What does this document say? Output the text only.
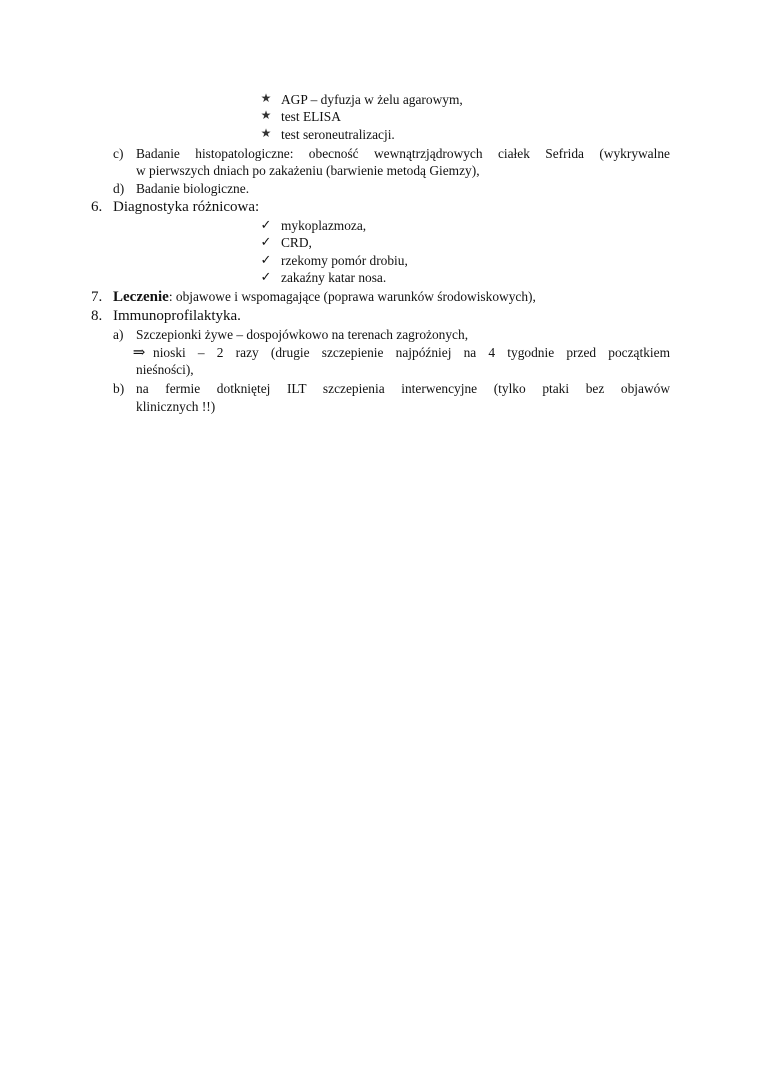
★ AGP – dyfuzja w żelu agarowym,
★ test ELISA
★ test seroneutralizacji.
c) Badanie histopatologiczne: obecność wewnątrzjądrowych ciałek Sefrida (wykrywalne
w pierwszych dniach po zakażeniu (barwienie metodą Giemzy),
d) Badanie biologiczne.
6. Diagnostyka różnicowa:
✓ mykoplazmoza,
✓ CRD,
✓ rzekomy pomór drobiu,
✓ zakaźny katar nosa.
7. Leczenie: objawowe i wspomagające (poprawa warunków środowiskowych),
8. Immunoprofilaktyka.
a) Szczepionki żywe – dospojówkowo na terenach zagrożonych,
⇒ nioski – 2 razy (drugie szczepienie najpóźniej na 4 tygodnie przed początkiem
nieśności),
b) na fermie dotkniętej ILT szczepienia interwencyjne (tylko ptaki bez objawów
klinicznych !!)
